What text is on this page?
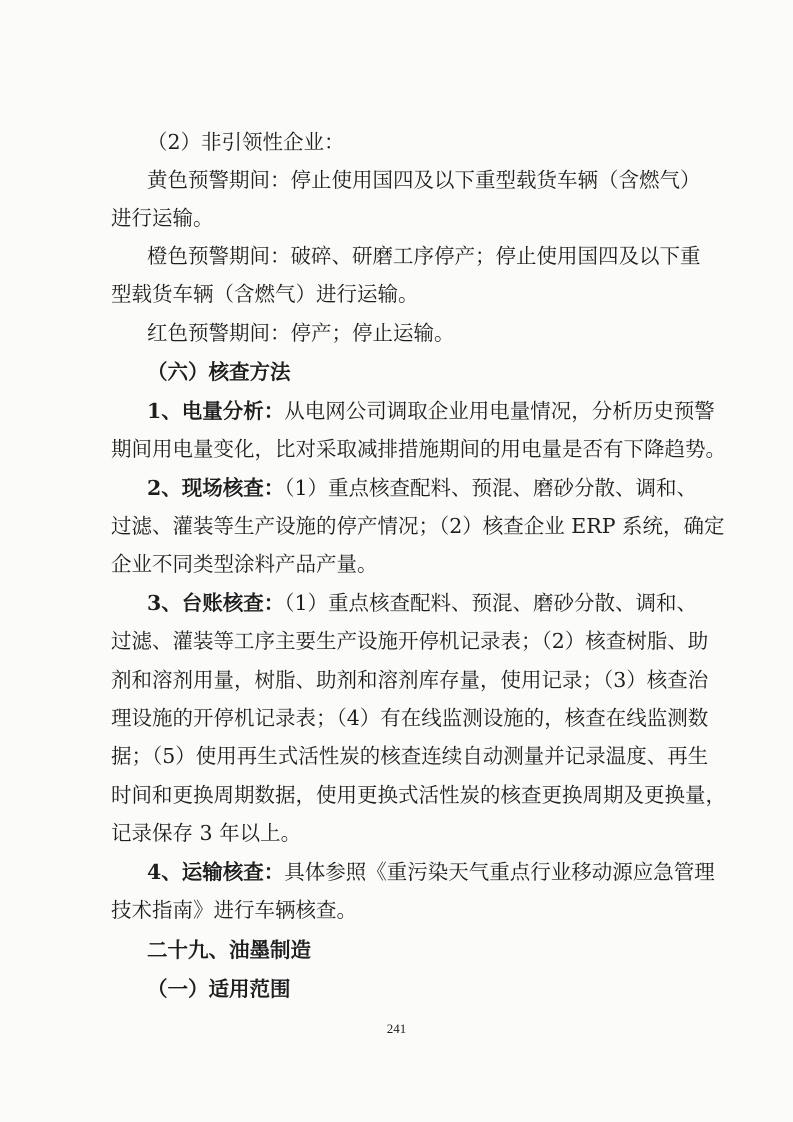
（2）非引领性企业：
黄色预警期间：停止使用国四及以下重型载货车辆（含燃气）
进行运输。
橙色预警期间：破碎、研磨工序停产；停止使用国四及以下重
型载货车辆（含燃气）进行运输。
红色预警期间：停产；停止运输。
（六）核查方法
1、电量分析：从电网公司调取企业用电量情况，分析历史预警
期间用电量变化，比对采取减排措施期间的用电量是否有下降趋势。
2、现场核查：（1）重点核查配料、预混、磨砂分散、调和、
过滤、灌装等生产设施的停产情况；（2）核查企业 ERP 系统，确定
企业不同类型涂料产品产量。
3、台账核查：（1）重点核查配料、预混、磨砂分散、调和、
过滤、灌装等工序主要生产设施开停机记录表；（2）核查树脂、助
剂和溶剂用量，树脂、助剂和溶剂库存量，使用记录；（3）核查治
理设施的开停机记录表；（4）有在线监测设施的，核查在线监测数
据；（5）使用再生式活性炭的核查连续自动测量并记录温度、再生
时间和更换周期数据，使用更换式活性炭的核查更换周期及更换量，
记录保存 3 年以上。
4、运输核查：具体参照《重污染天气重点行业移动源应急管理
技术指南》进行车辆核查。
二十九、油墨制造
（一）适用范围
241
